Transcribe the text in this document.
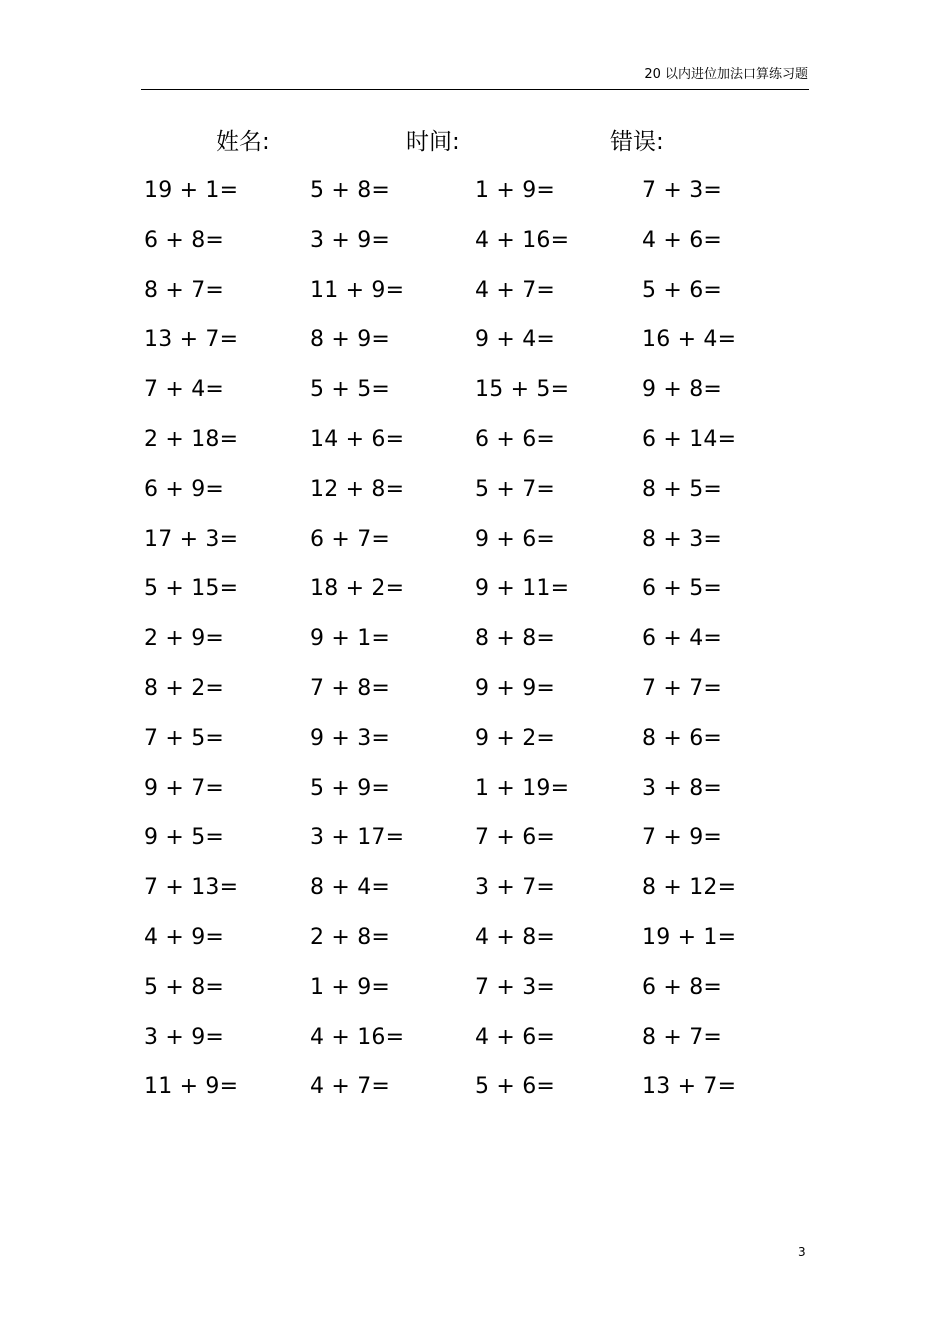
20 以内进位加法口算练习题
姓名:	时间:	错误:
19 + 1=	5 + 8=	1 + 9=	7 + 3=
6 + 8=	3 + 9=	4 + 16=	4 + 6=
8 + 7=	11 + 9=	4 + 7=	5 + 6=
13 + 7=	8 + 9=	9 + 4=	16 + 4=
7 + 4=	5 + 5=	15 + 5=	9 + 8=
2 + 18=	14 + 6=	6 + 6=	6 + 14=
6 + 9=	12 + 8=	5 + 7=	8 + 5=
17 + 3=	6 + 7=	9 + 6=	8 + 3=
5 + 15=	18 + 2=	9 + 11=	6 + 5=
2 + 9=	9 + 1=	8 + 8=	6 + 4=
8 + 2=	7 + 8=	9 + 9=	7 + 7=
7 + 5=	9 + 3=	9 + 2=	8 + 6=
9 + 7=	5 + 9=	1 + 19=	3 + 8=
9 + 5=	3 + 17=	7 + 6=	7 + 9=
7 + 13=	8 + 4=	3 + 7=	8 + 12=
4 + 9=	2 + 8=	4 + 8=	19 + 1=
5 + 8=	1 + 9=	7 + 3=	6 + 8=
3 + 9=	4 + 16=	4 + 6=	8 + 7=
11 + 9=	4 + 7=	5 + 6=	13 + 7=
3
